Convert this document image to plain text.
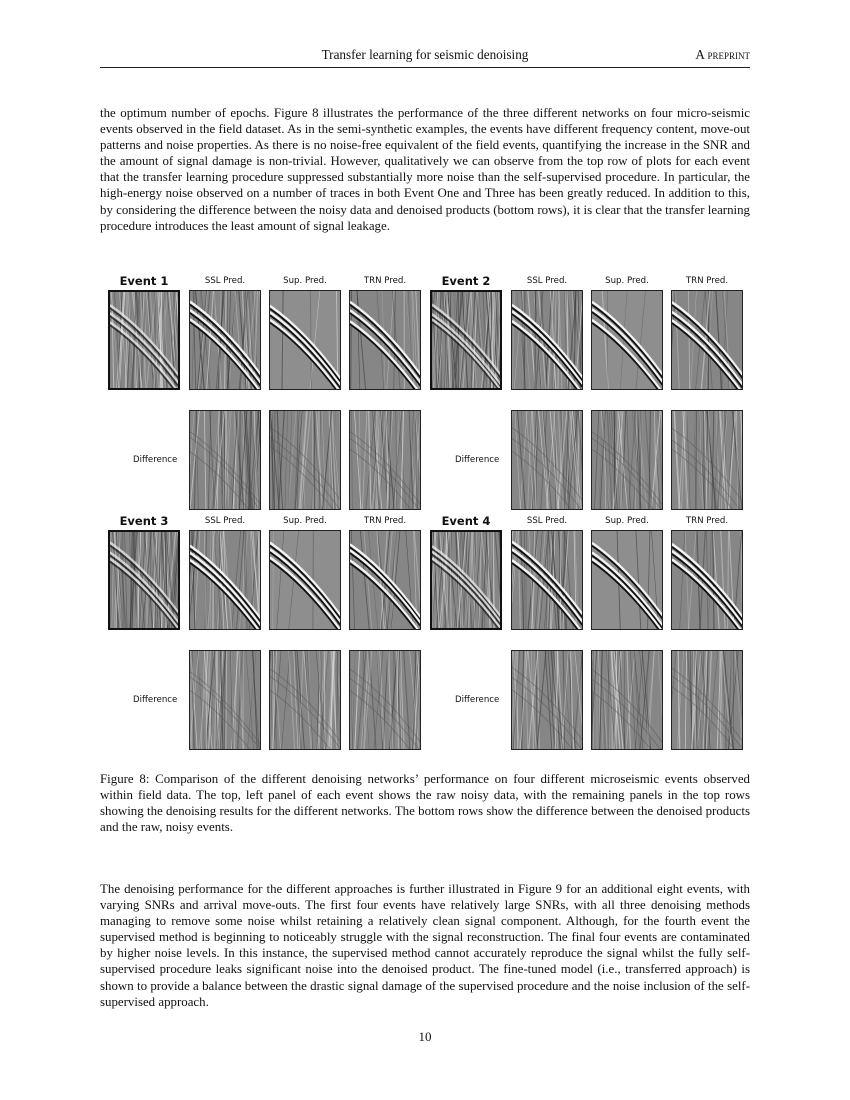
Transfer learning for seismic denoising	A preprint

the optimum number of epochs. Figure 8 illustrates the performance of the three different networks on four micro-seismic events observed in the field dataset. As in the semi-synthetic examples, the events have different frequency content, move-out patterns and noise properties. As there is no noise-free equivalent of the field events, quantifying the increase in the SNR and the amount of signal damage is non-trivial. However, qualitatively we can observe from the top row of plots for each event that the transfer learning procedure suppressed substantially more noise than the self-supervised procedure. In particular, the high-energy noise observed on a number of traces in both Event One and Three has been greatly reduced. In addition to this, by considering the difference between the noisy data and denoised products (bottom rows), it is clear that the transfer learning procedure introduces the least amount of signal leakage.

Event 1	SSL Pred.	Sup. Pred.	TRN Pred.
Difference
Event 2	SSL Pred.	Sup. Pred.	TRN Pred.
Difference
Event 3	SSL Pred.	Sup. Pred.	TRN Pred.
Difference
Event 4	SSL Pred.	Sup. Pred.	TRN Pred.
Difference

Figure 8: Comparison of the different denoising networks’ performance on four different microseismic events observed within field data. The top, left panel of each event shows the raw noisy data, with the remaining panels in the top rows showing the denoising results for the different networks. The bottom rows show the difference between the denoised products and the raw, noisy events.

The denoising performance for the different approaches is further illustrated in Figure 9 for an additional eight events, with varying SNRs and arrival move-outs. The first four events have relatively large SNRs, with all three denoising methods managing to remove some noise whilst retaining a relatively clean signal component. Although, for the fourth event the supervised method is beginning to noticeably struggle with the signal reconstruction. The final four events are contaminated by higher noise levels. In this instance, the supervised method cannot accurately reproduce the signal whilst the fully self-supervised procedure leaks significant noise into the denoised product. The fine-tuned model (i.e., transferred approach) is shown to provide a balance between the drastic signal damage of the supervised procedure and the noise inclusion of the self-supervised approach.

10
